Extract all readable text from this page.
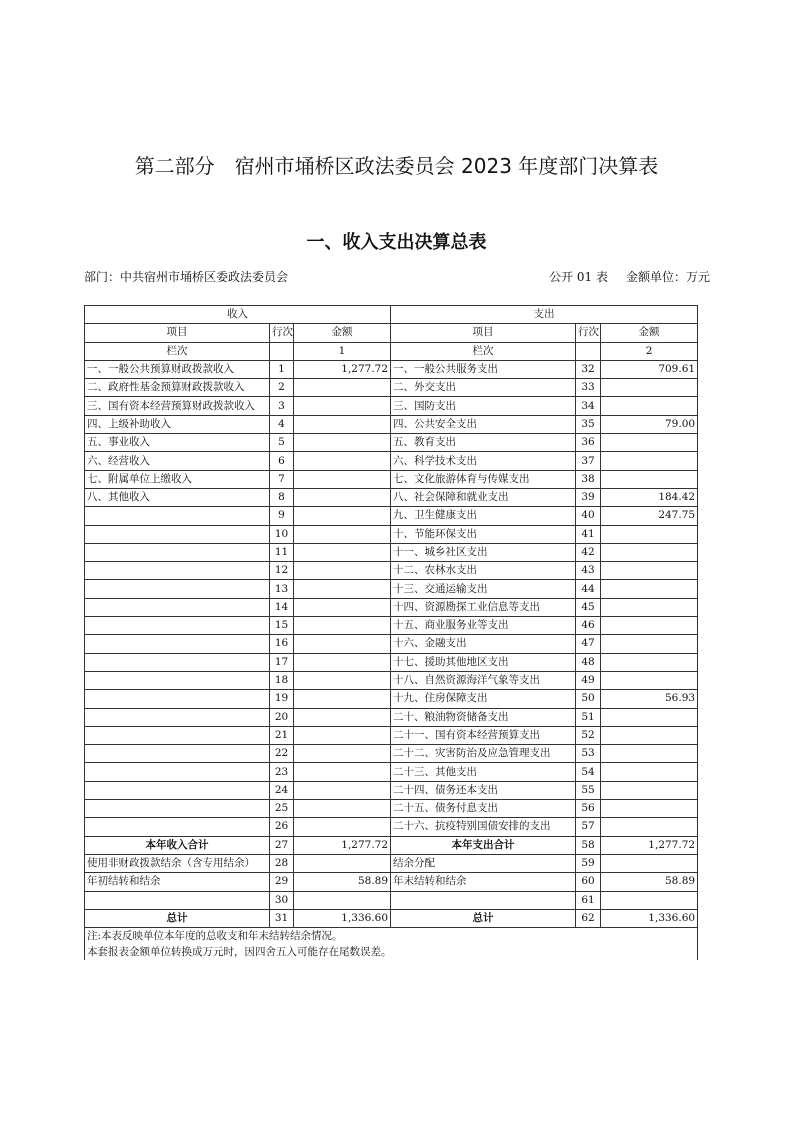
第二部分 宿州市埇桥区政法委员会 2023 年度部门决算表
一、收入支出决算总表
部门：中共宿州市埇桥区委政法委员会	公开 01 表 金额单位：万元
收入			支出		
项目	行次	金额	项目	行次	金额
栏次		1	栏次		2
一、一般公共预算财政拨款收入	1	1,277.72	一、一般公共服务支出	32	709.61
二、政府性基金预算财政拨款收入	2		二、外交支出	33	
三、国有资本经营预算财政拨款收入	3		三、国防支出	34	
四、上级补助收入	4		四、公共安全支出	35	79.00
五、事业收入	5		五、教育支出	36	
六、经营收入	6		六、科学技术支出	37	
七、附属单位上缴收入	7		七、文化旅游体育与传媒支出	38	
八、其他收入	8		八、社会保障和就业支出	39	184.42
	9		九、卫生健康支出	40	247.75
	10		十、节能环保支出	41	
	11		十一、城乡社区支出	42	
	12		十二、农林水支出	43	
	13		十三、交通运输支出	44	
	14		十四、资源勘探工业信息等支出	45	
	15		十五、商业服务业等支出	46	
	16		十六、金融支出	47	
	17		十七、援助其他地区支出	48	
	18		十八、自然资源海洋气象等支出	49	
	19		十九、住房保障支出	50	56.93
	20		二十、粮油物资储备支出	51	
	21		二十一、国有资本经营预算支出	52	
	22		二十二、灾害防治及应急管理支出	53	
	23		二十三、其他支出	54	
	24		二十四、债务还本支出	55	
	25		二十五、债务付息支出	56	
	26		二十六、抗疫特别国债安排的支出	57	
本年收入合计	27	1,277.72	本年支出合计	58	1,277.72
使用非财政拨款结余（含专用结余）	28		结余分配	59	
年初结转和结余	29	58.89	年末结转和结余	60	58.89
	30			61	
总计	31	1,336.60	总计	62	1,336.60
注:本表反映单位本年度的总收支和年末结转结余情况。					
本套报表金额单位转换成万元时，因四舍五入可能存在尾数误差。					
